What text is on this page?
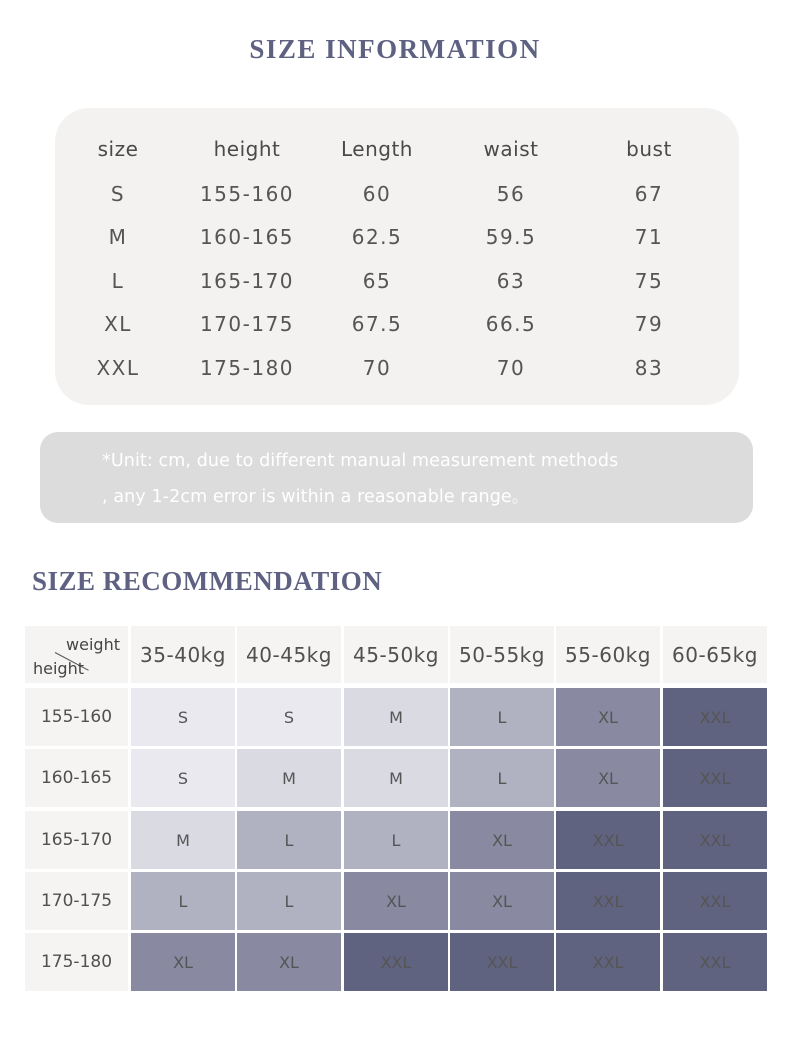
SIZE INFORMATION
size	height	Length	waist	bust
S	155-160	60	56	67
M	160-165	62.5	59.5	71
L	165-170	65	63	75
XL	170-175	67.5	66.5	79
XXL	175-180	70	70	83
*Unit: cm, due to different manual measurement methods
, any 1-2cm error is within a reasonable range。
SIZE RECOMMENDATION
weight
height
35-40kg	40-45kg	45-50kg	50-55kg	55-60kg	60-65kg
155-160	S	S	M	L	XL	XXL
160-165	S	M	M	L	XL	XXL
165-170	M	L	L	XL	XXL	XXL
170-175	L	L	XL	XL	XXL	XXL
175-180	XL	XL	XXL	XXL	XXL	XXL
